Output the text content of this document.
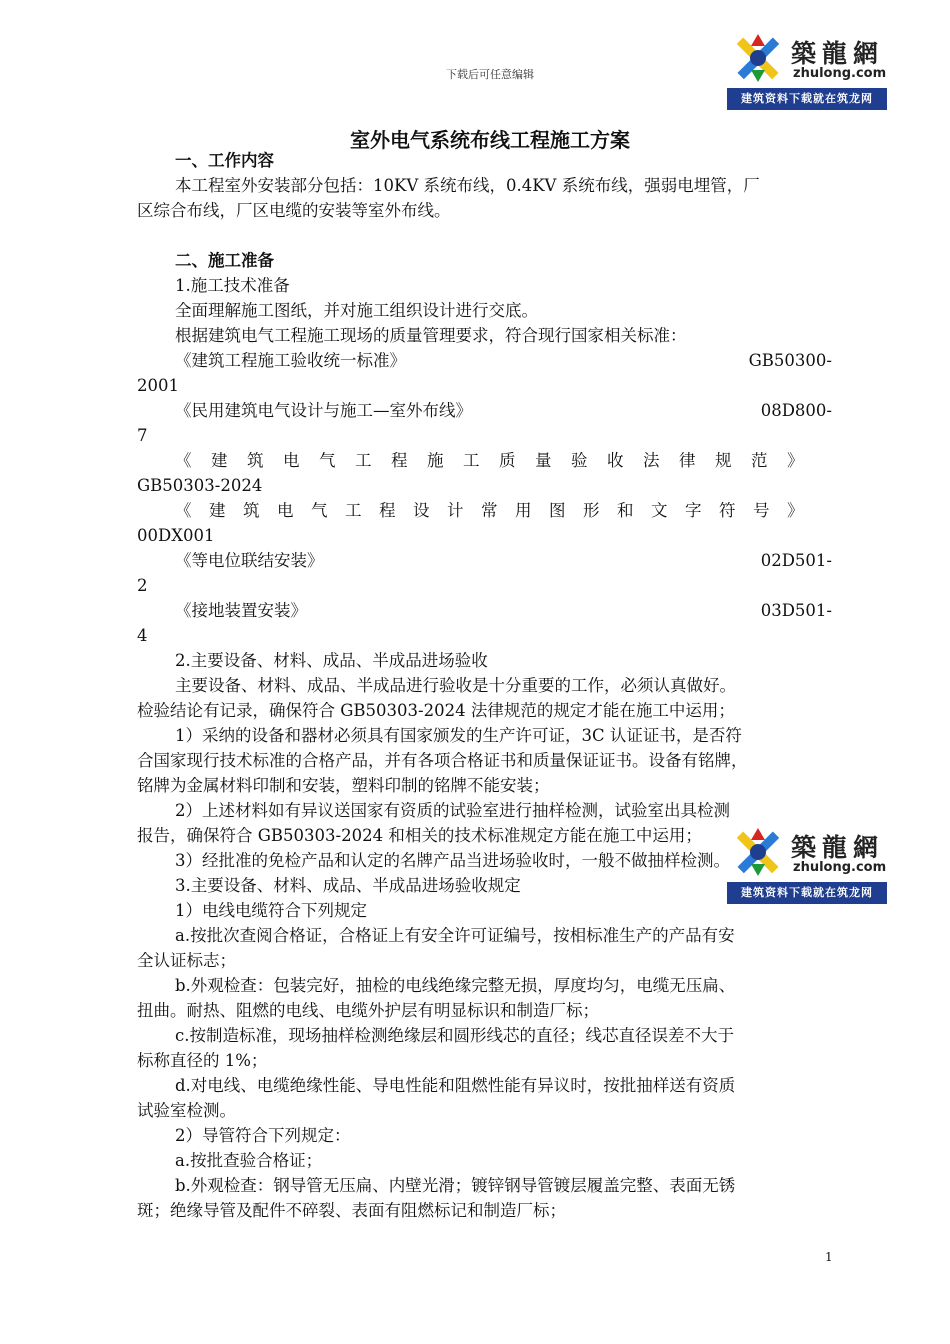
下载后可任意编辑
築龍網
zhulong.com
建筑资料下载就在筑龙网
築龍網
zhulong.com
建筑资料下载就在筑龙网
室外电气系统布线工程施工方案

一、工作内容

本工程室外安装部分包括：10KV 系统布线，0.4KV 系统布线，强弱电埋管，厂

区综合布线，厂区电缆的安装等室外布线。

二、施工准备

1.施工技术准备

全面理解施工图纸，并对施工组织设计进行交底。

根据建筑电气工程施工现场的质量管理要求，符合现行国家相关标准：

《建筑工程施工验收统一标准》	GB50300-

2001

《民用建筑电气设计与施工—室外布线》	08D800-

7

《建筑电气工程施工质量验收法律规范》

GB50303-2024

《建筑电气工程设计常用图形和文字符号》

00DX001

《等电位联结安装》	02D501-

2

《接地装置安装》	03D501-

4

2.主要设备、材料、成品、半成品进场验收

主要设备、材料、成品、半成品进行验收是十分重要的工作，必须认真做好。

检验结论有记录，确保符合 GB50303-2024 法律规范的规定才能在施工中运用；

1）采纳的设备和器材必须具有国家颁发的生产许可证，3C 认证证书，是否符

合国家现行技术标准的合格产品，并有各项合格证书和质量保证证书。设备有铭牌，

铭牌为金属材料印制和安装，塑料印制的铭牌不能安装；

2）上述材料如有异议送国家有资质的试验室进行抽样检测，试验室出具检测

报告，确保符合 GB50303-2024 和相关的技术标准规定方能在施工中运用；

3）经批准的免检产品和认定的名牌产品当进场验收时，一般不做抽样检测。

3.主要设备、材料、成品、半成品进场验收规定

1）电线电缆符合下列规定

a.按批次查阅合格证，合格证上有安全许可证编号，按相标准生产的产品有安

全认证标志；

b.外观检查：包装完好，抽检的电线绝缘完整无损，厚度均匀，电缆无压扁、

扭曲。耐热、阻燃的电线、电缆外护层有明显标识和制造厂标；

c.按制造标准，现场抽样检测绝缘层和圆形线芯的直径；线芯直径误差不大于

标称直径的 1%；

d.对电线、电缆绝缘性能、导电性能和阻燃性能有异议时，按批抽样送有资质

试验室检测。

2）导管符合下列规定：

a.按批查验合格证；

b.外观检查：钢导管无压扁、内壁光滑；镀锌钢导管镀层履盖完整、表面无锈

斑；绝缘导管及配件不碎裂、表面有阻燃标记和制造厂标；

1
